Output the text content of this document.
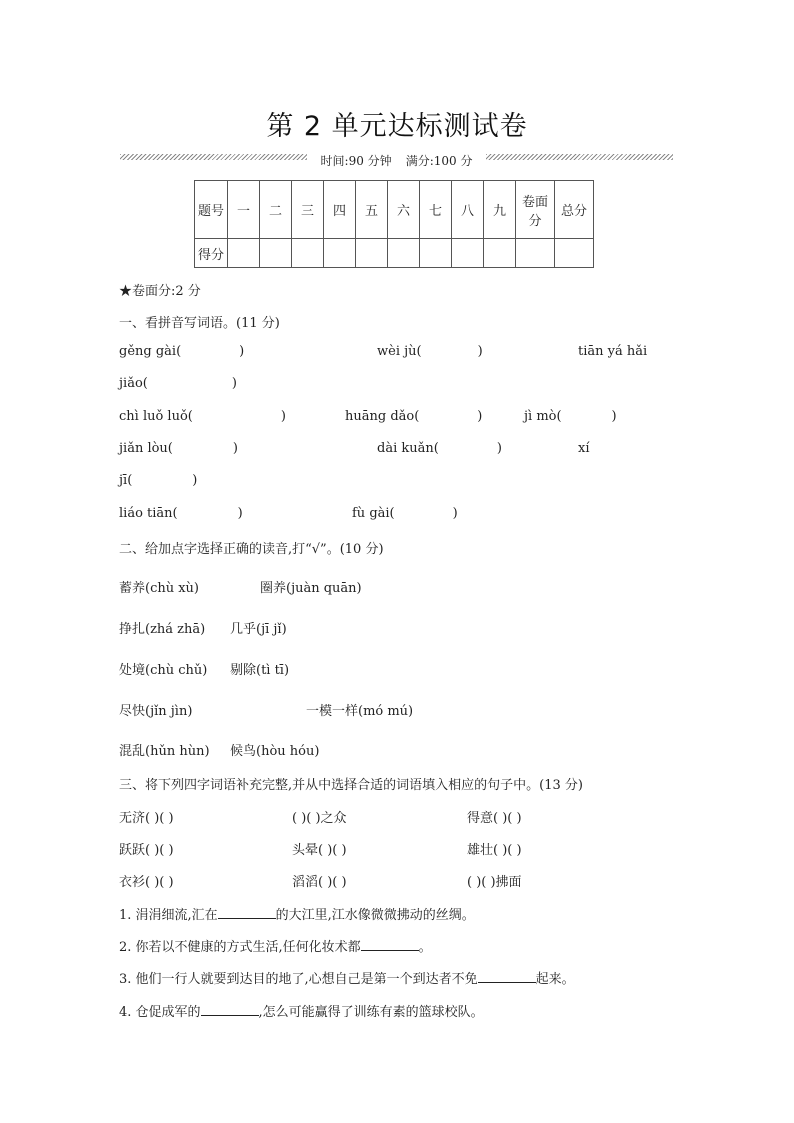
第 2 单元达标测试卷
时间:90 分钟 满分:100 分
题号	一	二	三	四	五	六	七	八	九	卷面分	总分
得分											
★卷面分:2 分
一、看拼音写词语。(11 分)
gěng gài(	)	wèi jù(	)	tiān yá hǎi
jiǎo(	)
chì luǒ luǒ(	)	huāng dǎo(	)	jì mò(	)
jiǎn lòu(	)	dài kuǎn(	)	xí
jī(	)
liáo tiān(	)	fù gài(	)
二、给加点字选择正确的读音,打“√”。(10 分)
蓄养(chù xù)	圈养(juàn quān)
挣扎(zhá zhā) 几乎(jī jǐ)
处境(chù chǔ) 剔除(tì tī)
尽快(jǐn jìn)	一模一样(mó mú)
混乱(hǔn hùn) 候鸟(hòu hóu)
三、将下列四字词语补充完整,并从中选择合适的词语填入相应的句子中。(13 分)
无济( )( )	( )( )之众	得意( )( )
跃跃( )( )	头晕( )( )	雄壮( )( )
衣衫( )( )	滔滔( )( )	( )( )拂面
1. 涓涓细流,汇在	的大江里,江水像微微拂动的丝绸。
2. 你若以不健康的方式生活,任何化妆术都	。
3. 他们一行人就要到达目的地了,心想自己是第一个到达者不免	起来。
4. 仓促成军的	,怎么可能赢得了训练有素的篮球校队。
